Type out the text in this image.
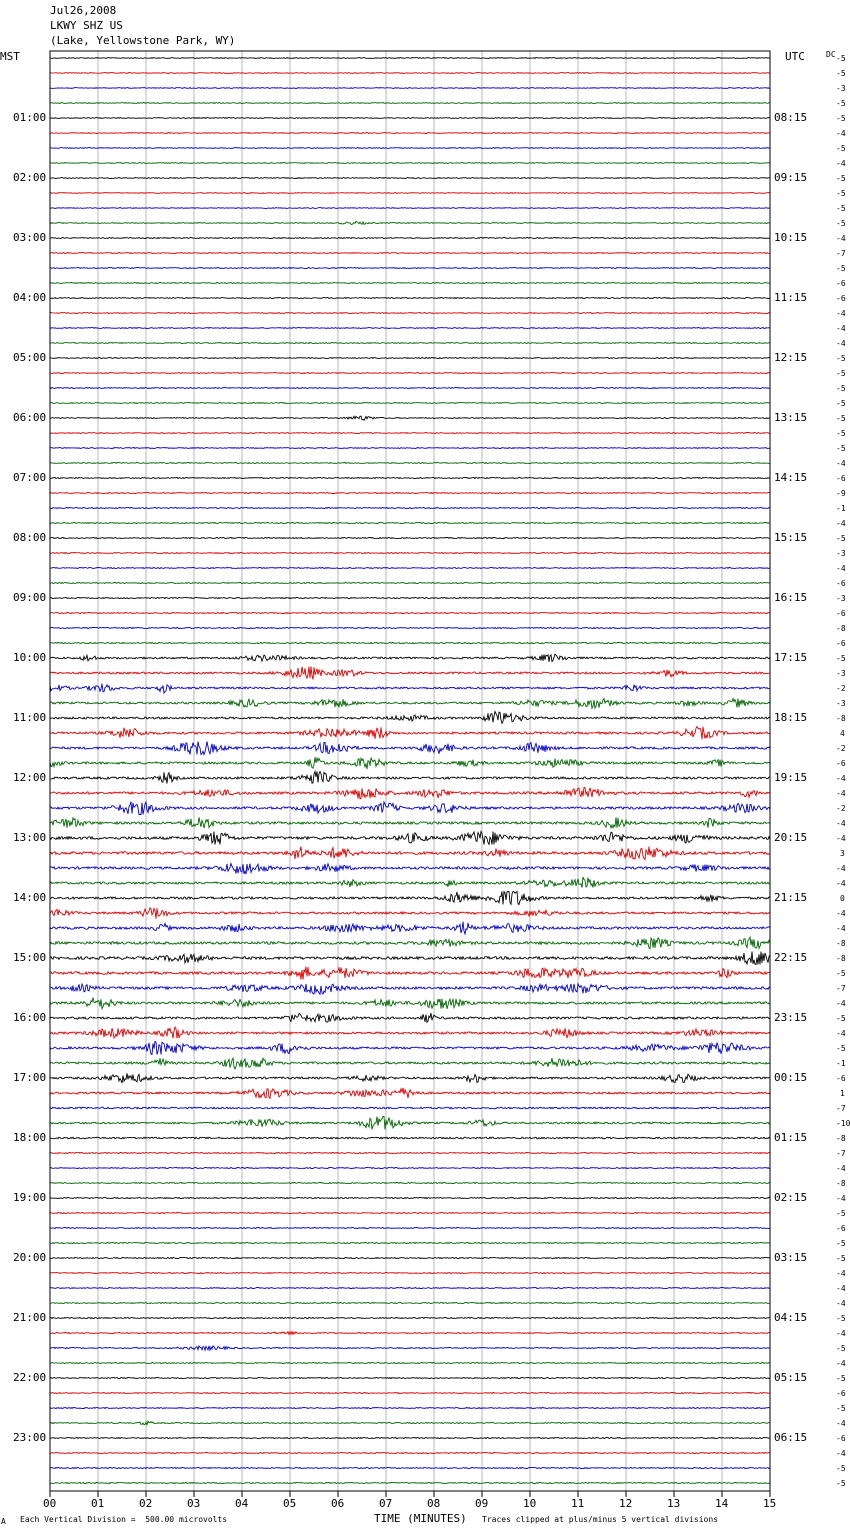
Jul26,2008
LKWY SHZ US
(Lake, Yellowstone Park, WY)
MST	UTC	DC
01:00
02:00
03:00
04:00
05:00
06:00
07:00
08:00
09:00
10:00
11:00
12:00
13:00
14:00
15:00
16:00
17:00
18:00
19:00
20:00
21:00
22:00
23:00
08:15
09:15
10:15
11:15
12:15
13:15
14:15
15:15
16:15
17:15
18:15
19:15
20:15
21:15
22:15
23:15
00:15
01:15
02:15
03:15
04:15
05:15
06:15
-5
-5
-3
-5
-5
-4
-5
-4
-5
-5
-5
-5
-4
-7
-5
-6
-6
-4
-4
-4
-5
-5
-5
-5
-5
-5
-5
-4
-6
-9
-1
-4
-5
-3
-4
-6
-3
-6
-8
-6
-5
-3
-2
-3
-8
4
-2
-6
-4
-4
-2
-4
-4
3
-4
-4
0
-4
-4
-8
-8
-5
-7
-4
-5
-4
-5
-1
-6
1
-7
-10
-8
-7
-4
-8
-4
-5
-6
-5
-5
-4
-4
-4
-5
-4
-5
-4
-5
-6
-5
-4
-6
-4
-5
-5
00	01	02	03	04	05	06	07	08	09	10	11	12	13	14	15
A Each Vertical Division =  500.00 microvolts	TIME (MINUTES) Traces clipped at plus/minus 5 vertical divisions
